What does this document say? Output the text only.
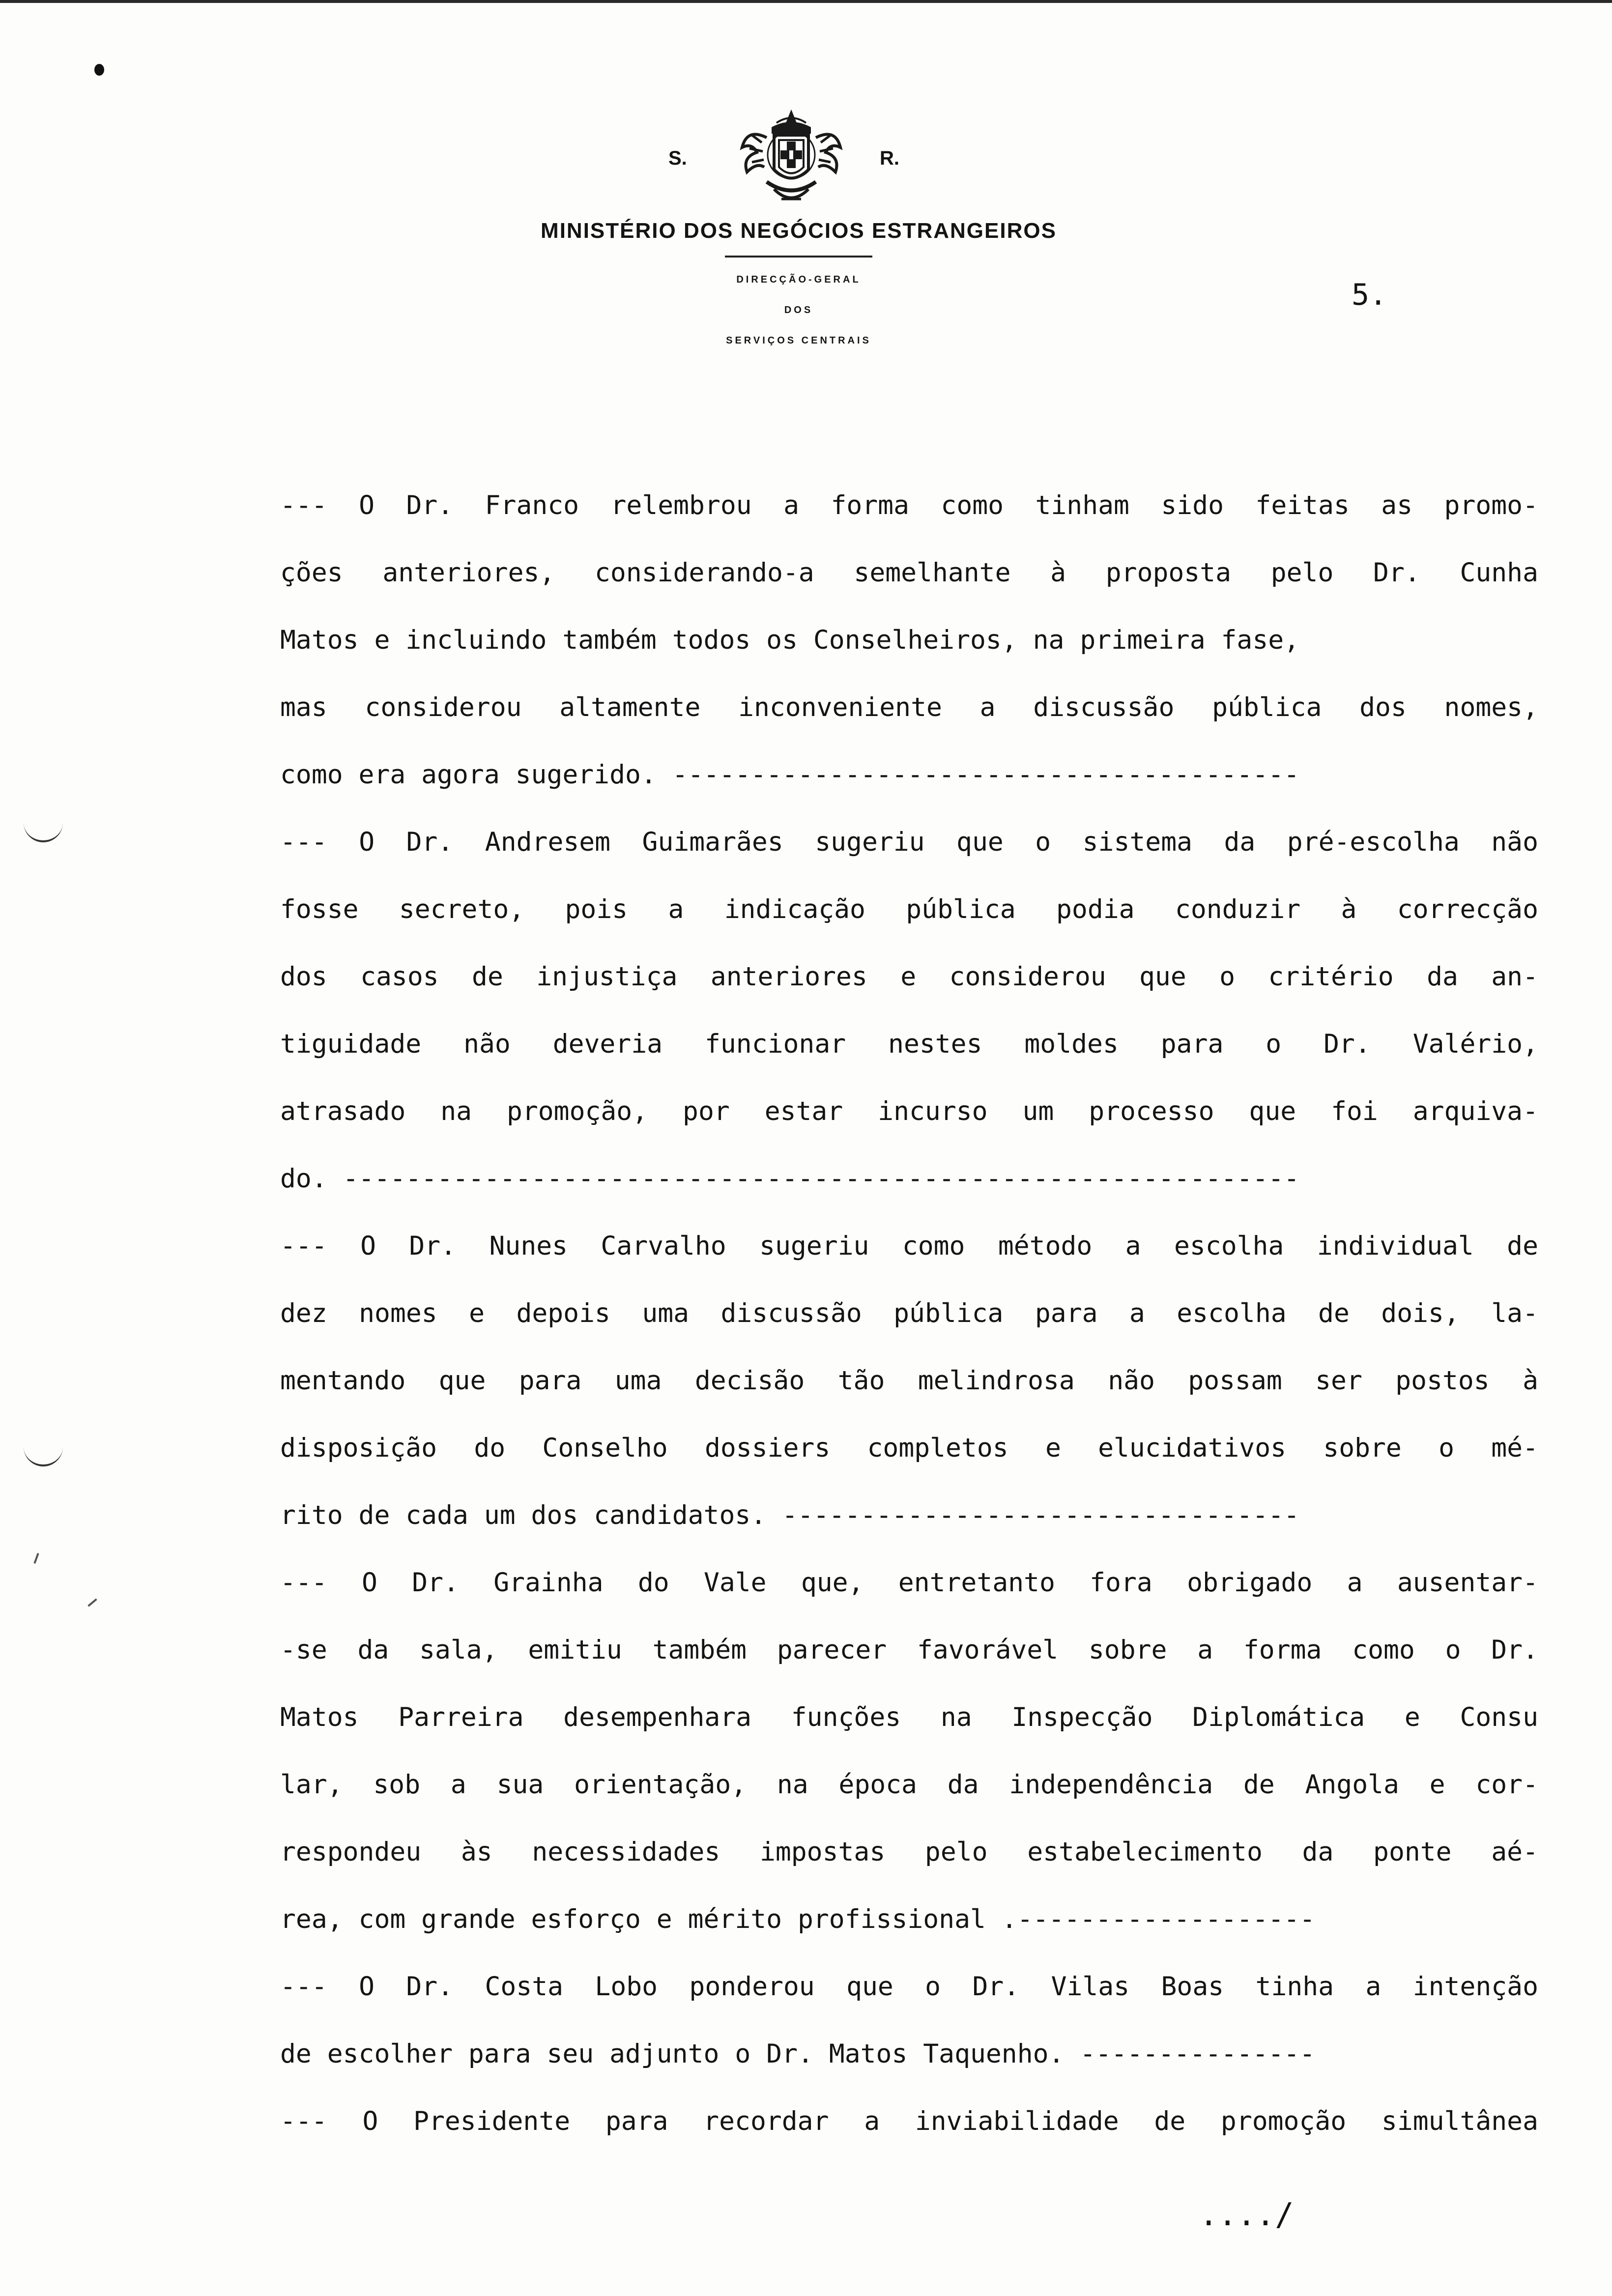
S.	R.
MINISTÉRIO DOS NEGÓCIOS ESTRANGEIROS
DIRECÇÃO-GERAL
DOS
SERVIÇOS CENTRAIS
5.
--- O Dr. Franco relembrou a forma como tinham sido feitas as promo-
ções anteriores, considerando-a semelhante à proposta pelo Dr. Cunha
Matos e incluindo também todos os Conselheiros, na primeira fase,
mas considerou altamente inconveniente a discussão pública dos nomes,
como era agora sugerido. ----------------------------------------
--- O Dr. Andresem Guimarães sugeriu que o sistema da pré-escolha não
fosse secreto, pois a indicação pública podia conduzir à correcção
dos casos de injustiça anteriores e considerou que o critério da an-
tiguidade não deveria funcionar nestes moldes para o Dr. Valério,
atrasado na promoção, por estar incurso um processo que foi arquiva-
do. -------------------------------------------------------------
--- O Dr. Nunes Carvalho sugeriu como método a escolha individual de
dez nomes e depois uma discussão pública para a escolha de dois, la-
mentando que para uma decisão tão melindrosa não possam ser postos à
disposição do Conselho dossiers completos e elucidativos sobre o mé-
rito de cada um dos candidatos. ---------------------------------
--- O Dr. Grainha do Vale que, entretanto fora obrigado a ausentar-
-se da sala, emitiu também parecer favorável sobre a forma como o Dr.
Matos Parreira desempenhara funções na Inspecção Diplomática e Consu
lar, sob a sua orientação, na época da independência de Angola e cor-
respondeu às necessidades impostas pelo estabelecimento da ponte aé-
rea, com grande esforço e mérito profissional .-------------------
--- O Dr. Costa Lobo ponderou que o Dr. Vilas Boas tinha a intenção
de escolher para seu adjunto o Dr. Matos Taquenho. ---------------
--- O Presidente para recordar a inviabilidade de promoção simultânea
..../
